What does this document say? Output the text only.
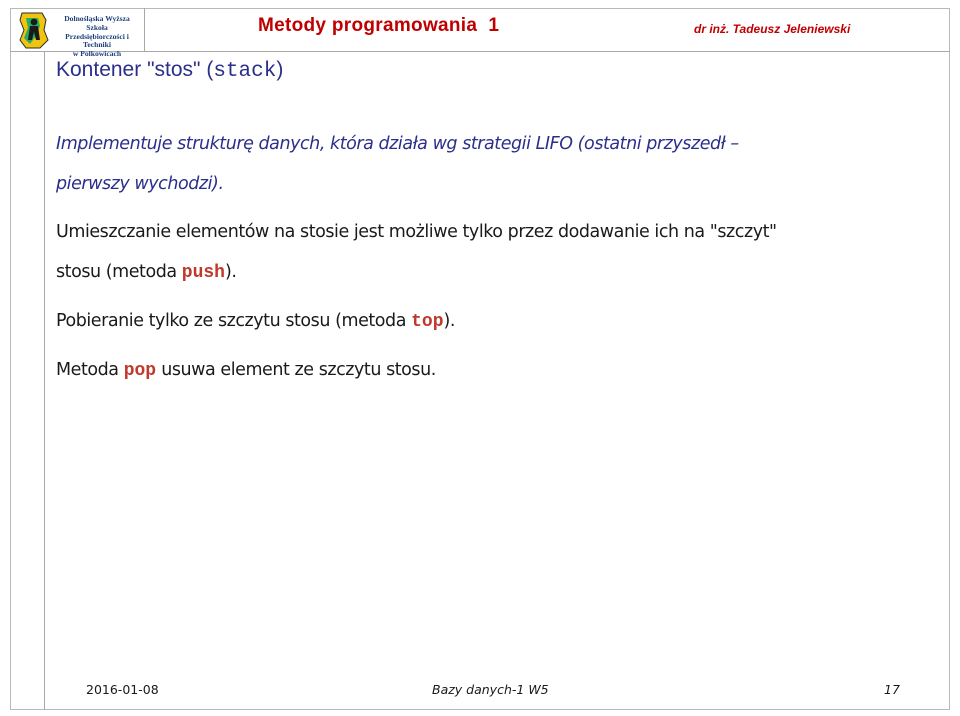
Dolnośląska Wyższa Szkoła
Przedsiębiorczości i Techniki
w Polkowicach
Metody programowania  1	dr inż. Tadeusz Jeleniewski
Kontener "stos" (stack)

Implementuje strukturę danych, która działa wg strategii LIFO (ostatni przyszedł –

pierwszy wychodzi).

Umieszczanie elementów na stosie jest możliwe tylko przez dodawanie ich na "szczyt"

stosu (metoda push).

Pobieranie tylko ze szczytu stosu (metoda top).

Metoda pop usuwa element ze szczytu stosu.

2016-01-08	Bazy danych-1 W5	17
